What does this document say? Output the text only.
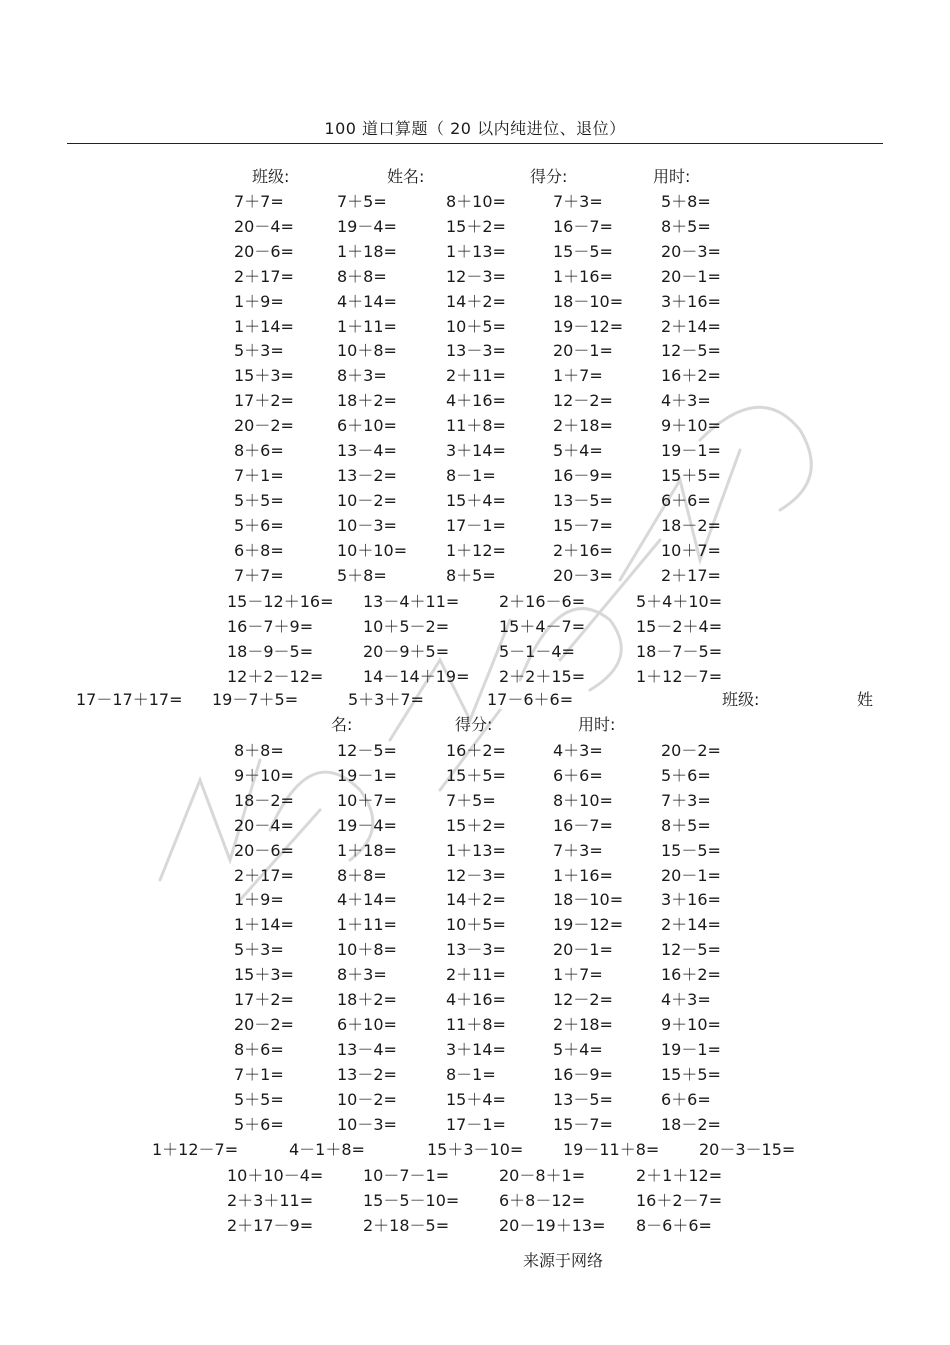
100 道口算题（ 20 以内纯进位、退位）
班级:	姓名:	得分:	用时:
7＋7=	7＋5=	8＋10=	7＋3=	5＋8=
20－4=	19－4=	15＋2=	16－7=	8＋5=
20－6=	1＋18=	1＋13=	15－5=	20－3=
2＋17=	8＋8=	12－3=	1＋16=	20－1=
1＋9=	4＋14=	14＋2=	18－10= 3＋16=
1＋14=	1＋11=	10＋5=	19－12= 2＋14=
5＋3=	10＋8=	13－3=	20－1=	12－5=
15＋3=	8＋3=	2＋11=	1＋7=	16＋2=
17＋2=	18＋2=	4＋16=	12－2=	4＋3=
20－2=	6＋10=	11＋8=	2＋18=	9＋10=
8＋6=	13－4=	3＋14=	5＋4=	19－1=
7＋1=	13－2=	8－1=	16－9=	15＋5=
5＋5=	10－2=	15＋4=	13－5=	6＋6=
5＋6=	10－3=	17－1=	15－7=	18－2=
6＋8=	10＋10= 1＋12=	2＋16=	10＋7=
7＋7=	5＋8=	8＋5=	20－3=	2＋17=
15－12＋16= 13－4＋11= 2＋16－6=	5＋4＋10=
16－7＋9=	10＋5－2=	15＋4－7=	15－2＋4=
18－9－5=	20－9＋5=	5－1－4=	18－7－5=
12＋2－12= 14－14＋19= 2＋2＋15=	1＋12－7=
17－17＋17= 19－7＋5=	5＋3＋7=	17－6＋6=	班级:	姓
名:	得分:	用时:
8＋8=	12－5=	16＋2=	4＋3=	20－2=
9＋10=	19－1=	15＋5=	6＋6=	5＋6=
18－2=	10＋7=	7＋5=	8＋10=	7＋3=
20－4=	19－4=	15＋2=	16－7=	8＋5=
20－6=	1＋18=	1＋13=	7＋3=	15－5=
2＋17=	8＋8=	12－3=	1＋16=	20－1=
1＋9=	4＋14=	14＋2=	18－10= 3＋16=
1＋14=	1＋11=	10＋5=	19－12= 2＋14=
5＋3=	10＋8=	13－3=	20－1=	12－5=
15＋3=	8＋3=	2＋11=	1＋7=	16＋2=
17＋2=	18＋2=	4＋16=	12－2=	4＋3=
20－2=	6＋10=	11＋8=	2＋18=	9＋10=
8＋6=	13－4=	3＋14=	5＋4=	19－1=
7＋1=	13－2=	8－1=	16－9=	15＋5=
5＋5=	10－2=	15＋4=	13－5=	6＋6=
5＋6=	10－3=	17－1=	15－7=	18－2=
1＋12－7=	4－1＋8=	15＋3－10= 19－11＋8= 20－3－15=
10＋10－4= 10－7－1=	20－8＋1=	2＋1＋12=
2＋3＋11=	15－5－10= 6＋8－12=	16＋2－7=
2＋17－9=	2＋18－5=	20－19＋13= 8－6＋6=
来源于网络
